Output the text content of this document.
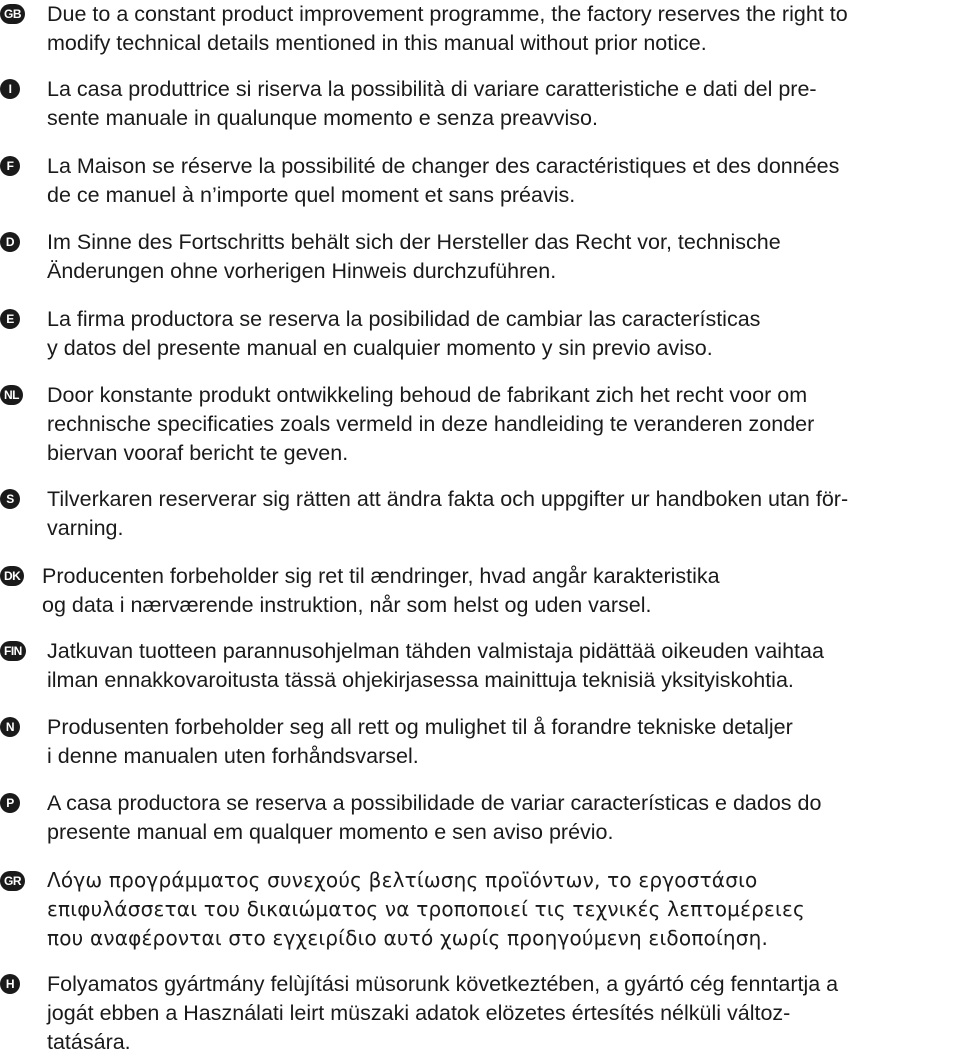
GB Due to a constant product improvement programme, the factory reserves the right to
modify technical details mentioned in this manual without prior notice.

I	La casa produttrice si riserva la possibilità di variare caratteristiche e dati del pre-
sente manuale in qualunque momento e senza preavviso.

F	La Maison se réserve la possibilité de changer des caractéristiques et des données
de ce manuel à n’importe quel moment et sans préavis.

D Im Sinne des Fortschritts behält sich der Hersteller das Recht vor, technische
Änderungen ohne vorherigen Hinweis durchzuführen.

E La firma productora se reserva la posibilidad de cambiar las características
y datos del presente manual en cualquier momento y sin previo aviso.

NL Door konstante produkt ontwikkeling behoud de fabrikant zich het recht voor om
rechnische specificaties zoals vermeld in deze handleiding te veranderen zonder
biervan vooraf bericht te geven.

S Tilverkaren reserverar sig rätten att ändra fakta och uppgifter ur handboken utan för-
varning.

DK Producenten forbeholder sig ret til ændringer, hvad angår karakteristika
og data i nærværende instruktion, når som helst og uden varsel.

FIN Jatkuvan tuotteen parannusohjelman tähden valmistaja pidättää oikeuden vaihtaa
ilman ennakkovaroitusta tässä ohjekirjasessa mainittuja teknisiä yksityiskohtia.

N Produsenten forbeholder seg all rett og mulighet til å forandre tekniske detaljer
i denne manualen uten forhåndsvarsel.

P A casa productora se reserva a possibilidade de variar características e dados do
presente manual em qualquer momento e sen aviso prévio.

GR Λόγω προγράμματος συνεχούς βελτίωσης προϊόντων, το εργοστάσιο
επιφυλάσσεται του δικαιώματος να τροποποιεί τις τεχνικές λεπτομέρειες
που αναφέρονται στο εγχειρίδιο αυτό χωρίς προηγούμενη ειδοποίηση.

H Folyamatos gyártmány felùjítási müsorunk következtében, a gyártó cég fenntartja a
jogát ebben a Használati leirt müszaki adatok elözetes értesítés nélküli változ-
tatására.
